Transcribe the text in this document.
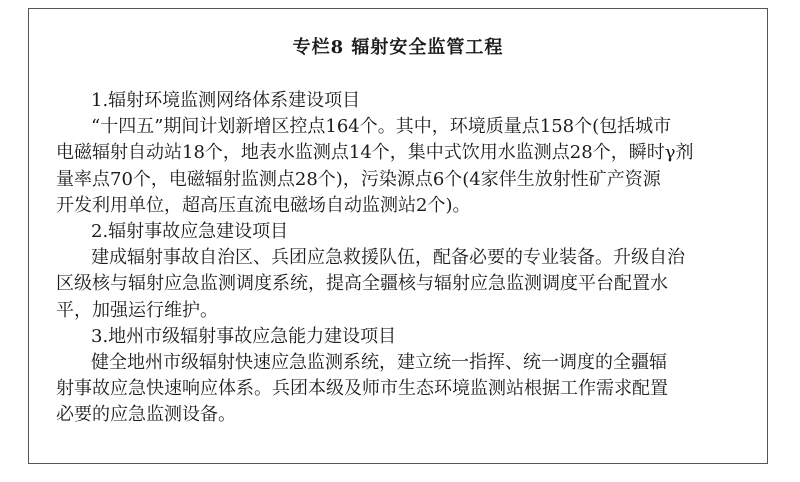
专栏8 辐射安全监管工程
1.辐射环境监测网络体系建设项目
“十四五”期间计划新增区控点164个。其中，环境质量点158个(包括城市
电磁辐射自动站18个，地表水监测点14个，集中式饮用水监测点28个，瞬时γ剂
量率点70个，电磁辐射监测点28个)，污染源点6个(4家伴生放射性矿产资源
开发利用单位，超高压直流电磁场自动监测站2个)。
2.辐射事故应急建设项目
建成辐射事故自治区、兵团应急救援队伍，配备必要的专业装备。升级自治
区级核与辐射应急监测调度系统，提高全疆核与辐射应急监测调度平台配置水
平，加强运行维护。
3.地州市级辐射事故应急能力建设项目
健全地州市级辐射快速应急监测系统，建立统一指挥、统一调度的全疆辐
射事故应急快速响应体系。兵团本级及师市生态环境监测站根据工作需求配置
必要的应急监测设备。
